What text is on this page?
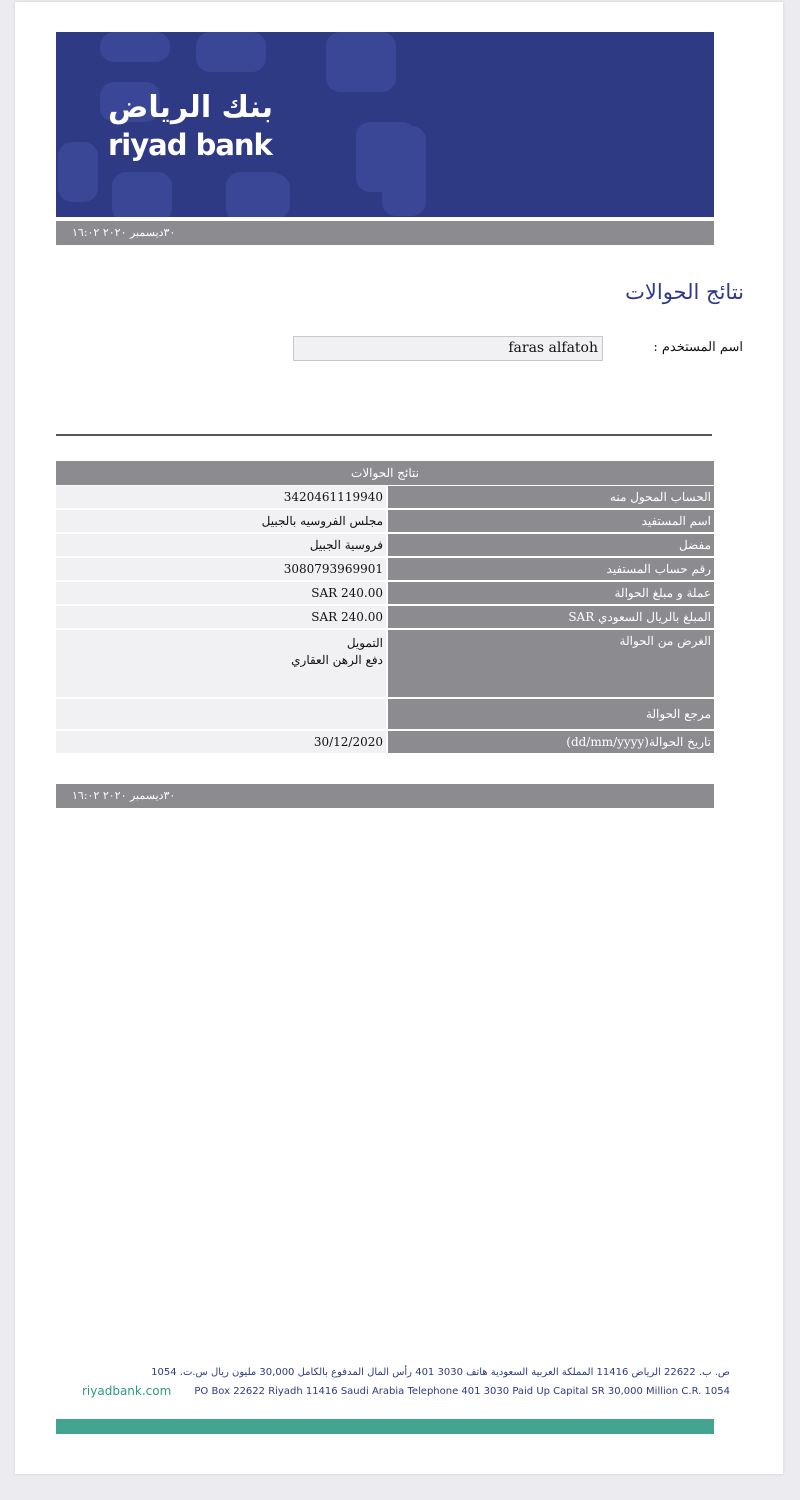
بنك الرياض
riyad bank
٣٠ديسمبر ٢٠٢٠ ١٦:٠٢
نتائج الحوالات
اسم المستخدم :
faras alfatoh
نتائج الحوالات
3420461119940	الحساب المحول منه
مجلس الفروسيه بالجبيل	اسم المستفيد
فروسية الجبيل	مفضل
3080793969901	رقم حساب المستفيد
SAR 240.00	عملة و مبلغ الحوالة
SAR 240.00	المبلغ بالريال السعودي SAR

التمويل
دفع الرهن العقاري	الغرض من الحوالة
	مرجع الحوالة
30/12/2020	تاريخ الحوالة(dd/mm/yyyy)
٣٠ديسمبر ٢٠٢٠ ١٦:٠٢
ص. ب. 22622 الرياض 11416 المملكة العربية السعودية هاتف 3030 401 رأس المال المدفوع بالكامل 30,000 مليون ريال س.ت. 1054
PO Box 22622 Riyadh 11416 Saudi Arabia Telephone 401 3030 Paid Up Capital SR 30,000 Million C.R. 1054
riyadbank.com
